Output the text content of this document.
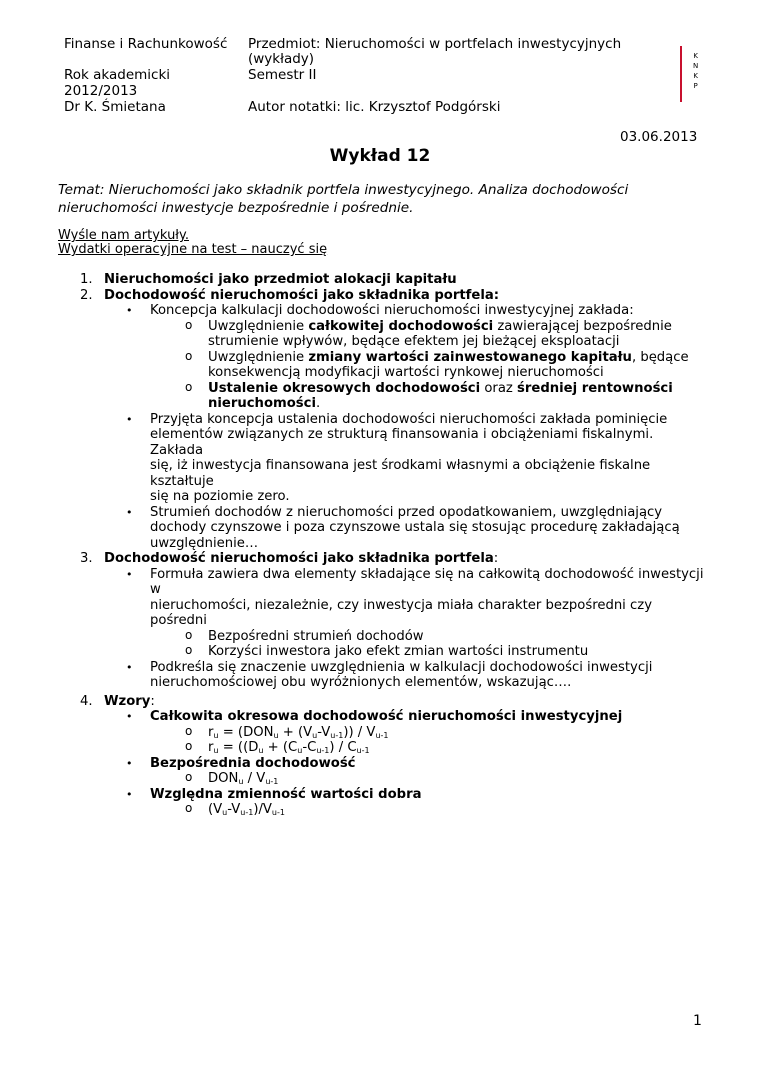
Finanse i Rachunkowość
Rok akademicki
2012/2013
Dr K. Śmietana
Przedmiot: Nieruchomości w portfelach inwestycyjnych
(wykłady)
Semestr II
Autor notatki: lic. Krzysztof Podgórski
K
N
K
P
03.06.2013
Wykład 12
Temat: Nieruchomości jako składnik portfela inwestycyjnego. Analiza dochodowości nieruchomości inwestycje bezpośrednie i pośrednie.
Wyśle nam artykuły.
Wydatki operacyjne na test – nauczyć się

1. Nieruchomości jako przedmiot alokacji kapitału

2. Dochodowość nieruchomości jako składnika portfela:

• Koncepcja kalkulacji dochodowości nieruchomości inwestycyjnej zakłada:

o Uwzględnienie całkowitej dochodowości zawierającej bezpośrednie

strumienie wpływów, będące efektem jej bieżącej eksploatacji

o Uwzględnienie zmiany wartości zainwestowanego kapitału, będące

konsekwencją modyfikacji wartości rynkowej nieruchomości

o Ustalenie okresowych dochodowości oraz średniej rentowności

nieruchomości.

• Przyjęta koncepcja ustalenia dochodowości nieruchomości zakłada pominięcie

elementów związanych ze strukturą finansowania i obciążeniami fiskalnymi. Zakłada

się, iż inwestycja finansowana jest środkami własnymi a obciążenie fiskalne kształtuje

się na poziomie zero.

• Strumień dochodów z nieruchomości przed opodatkowaniem, uwzględniający

dochody czynszowe i poza czynszowe ustala się stosując procedurę zakładającą

uwzględnienie…

3. Dochodowość nieruchomości jako składnika portfela:

• Formuła zawiera dwa elementy składające się na całkowitą dochodowość inwestycji w

nieruchomości, niezależnie, czy inwestycja miała charakter bezpośredni czy pośredni

o Bezpośredni strumień dochodów

o Korzyści inwestora jako efekt zmian wartości instrumentu

• Podkreśla się znaczenie uwzględnienia w kalkulacji dochodowości inwestycji

nieruchomościowej obu wyróżnionych elementów, wskazując….

4. Wzory:

• Całkowita okresowa dochodowość nieruchomości inwestycyjnej

o $r_u = (DON_u + (V_u-V_{u-1})) / V_{u-1}$

o $r_u = ((D_u + (C_u-C_{u-1}) / C_{u-1}$

• Bezpośrednia dochodowość

o $DON_u / V_{u-1}$

• Względna zmienność wartości dobra

o $(V_u-V_{u-1})/V_{u-1}$

1
